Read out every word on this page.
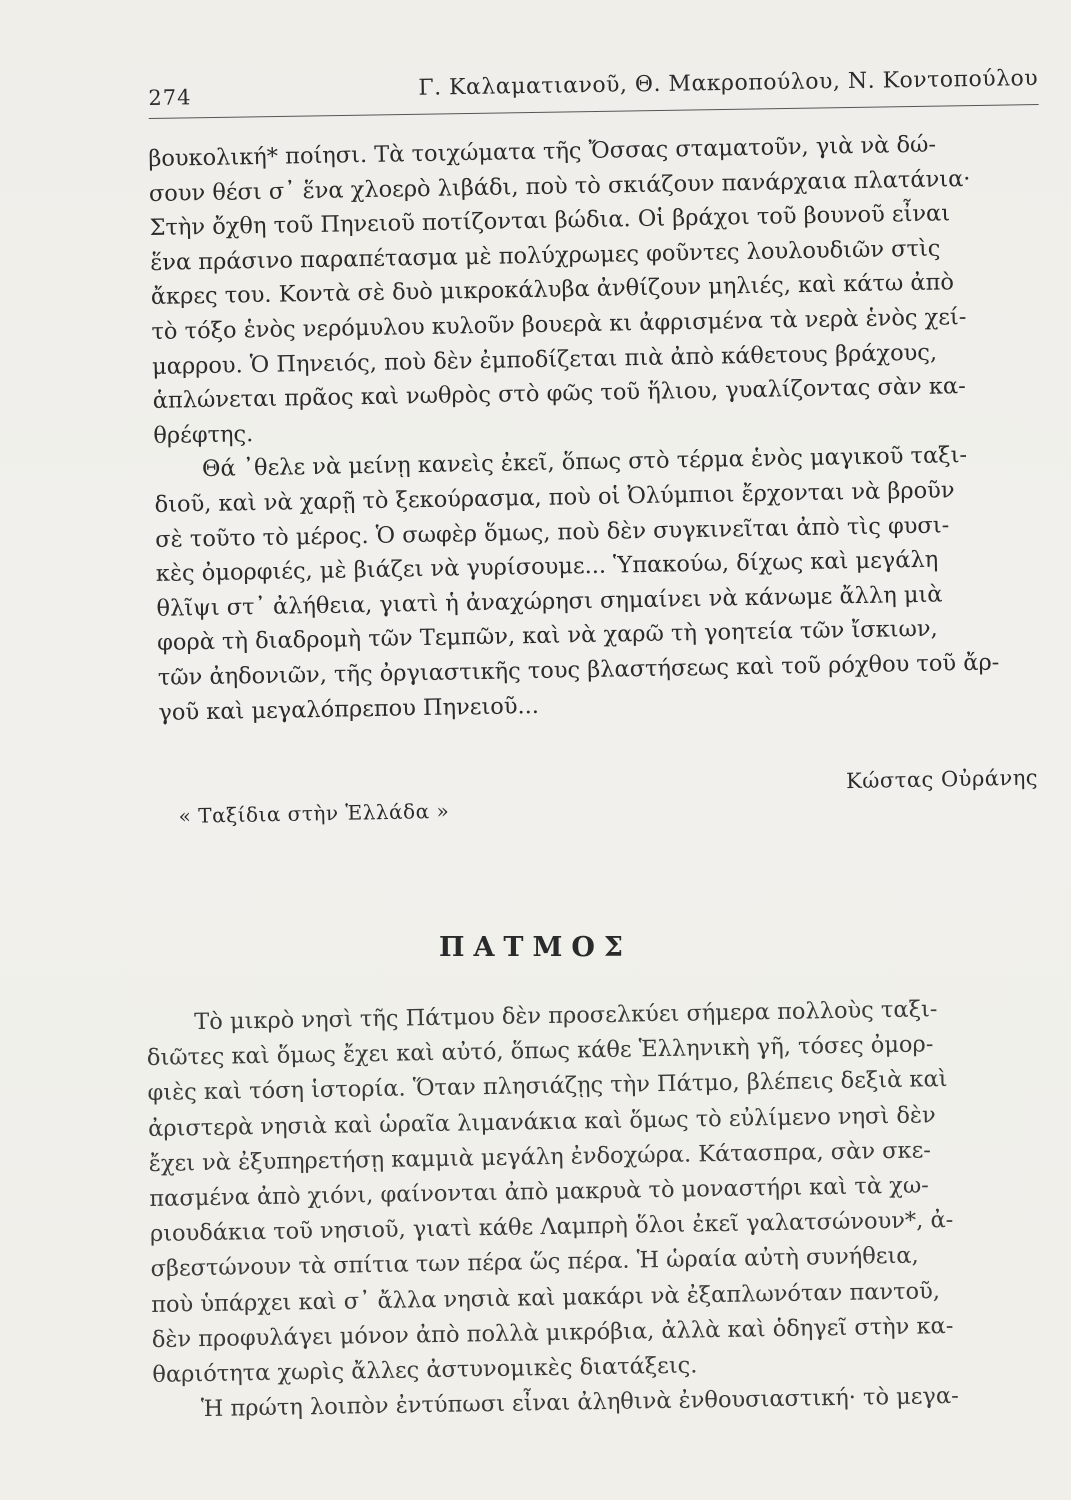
274	Γ. Καλαματιανοῦ, Θ. Μακροπούλου, Ν. Κοντοπούλου
βουκολική* ποίησι. Τὰ τοιχώματα τῆς Ὄσσας σταματοῦν, γιὰ νὰ δώ-
σουν θέσι σ᾽ ἕνα χλοερὸ λιβάδι, ποὺ τὸ σκιάζουν πανάρχαια πλατάνια·
Στὴν ὄχθη τοῦ Πηνειοῦ ποτίζονται βώδια. Οἱ βράχοι τοῦ βουνοῦ εἶναι
ἕνα πράσινο παραπέτασμα μὲ πολύχρωμες φοῦντες λουλουδιῶν στὶς
ἄκρες του. Κοντὰ σὲ δυὸ μικροκάλυβα ἀνθίζουν μηλιές, καὶ κάτω ἀπὸ
τὸ τόξο ἑνὸς νερόμυλου κυλοῦν βουερὰ κι ἀφρισμένα τὰ νερὰ ἑνὸς χεί-
μαρρου. Ὁ Πηνειός, ποὺ δὲν ἐμποδίζεται πιὰ ἀπὸ κάθετους βράχους,
ἁπλώνεται πρᾶος καὶ νωθρὸς στὸ φῶς τοῦ ἥλιου, γυαλίζοντας σὰν κα-
θρέφτης.
Θά ᾽θελε νὰ μείνῃ κανεὶς ἐκεῖ, ὅπως στὸ τέρμα ἑνὸς μαγικοῦ ταξι-
διοῦ, καὶ νὰ χαρῇ τὸ ξεκούρασμα, ποὺ οἱ Ὀλύμπιοι ἔρχονται νὰ βροῦν
σὲ τοῦτο τὸ μέρος. Ὁ σωφὲρ ὅμως, ποὺ δὲν συγκινεῖται ἀπὸ τὶς φυσι-
κὲς ὀμορφιές, μὲ βιάζει νὰ γυρίσουμε... Ὑπακούω, δίχως καὶ μεγάλη
θλῖψι στ᾽ ἀλήθεια, γιατὶ ἡ ἀναχώρησι σημαίνει νὰ κάνωμε ἄλλη μιὰ
φορὰ τὴ διαδρομὴ τῶν Τεμπῶν, καὶ νὰ χαρῶ τὴ γοητεία τῶν ἴσκιων,
τῶν ἀηδονιῶν, τῆς ὀργιαστικῆς τους βλαστήσεως καὶ τοῦ ρόχθου τοῦ ἄρ-
γοῦ καὶ μεγαλόπρεπου Πηνειοῦ...
« Ταξίδια στὴν Ἑλλάδα »
Κώστας Οὐράνης
ΠΑΤΜΟΣ
Τὸ μικρὸ νησὶ τῆς Πάτμου δὲν προσελκύει σήμερα πολλοὺς ταξι-
διῶτες καὶ ὅμως ἔχει καὶ αὐτό, ὅπως κάθε Ἑλληνικὴ γῆ, τόσες ὀμορ-
φιὲς καὶ τόση ἱστορία. Ὅταν πλησιάζῃς τὴν Πάτμο, βλέπεις δεξιὰ καὶ
ἀριστερὰ νησιὰ καὶ ὡραῖα λιμανάκια καὶ ὅμως τὸ εὐλίμενο νησὶ δὲν
ἔχει νὰ ἐξυπηρετήσῃ καμμιὰ μεγάλη ἐνδοχώρα. Κάτασπρα, σὰν σκε-
πασμένα ἀπὸ χιόνι, φαίνονται ἀπὸ μακρυὰ τὸ μοναστήρι καὶ τὰ χω-
ριουδάκια τοῦ νησιοῦ, γιατὶ κάθε Λαμπρὴ ὅλοι ἐκεῖ γαλατσώνουν*, ἀ-
σβεστώνουν τὰ σπίτια των πέρα ὥς πέρα. Ἡ ὡραία αὐτὴ συνήθεια,
ποὺ ὑπάρχει καὶ σ᾽ ἄλλα νησιὰ καὶ μακάρι νὰ ἐξαπλωνόταν παντοῦ,
δὲν προφυλάγει μόνον ἀπὸ πολλὰ μικρόβια, ἀλλὰ καὶ ὁδηγεῖ στὴν κα-
θαριότητα χωρὶς ἄλλες ἀστυνομικὲς διατάξεις.
Ἡ πρώτη λοιπὸν ἐντύπωσι εἶναι ἀληθινὰ ἐνθουσιαστική· τὸ μεγα-
